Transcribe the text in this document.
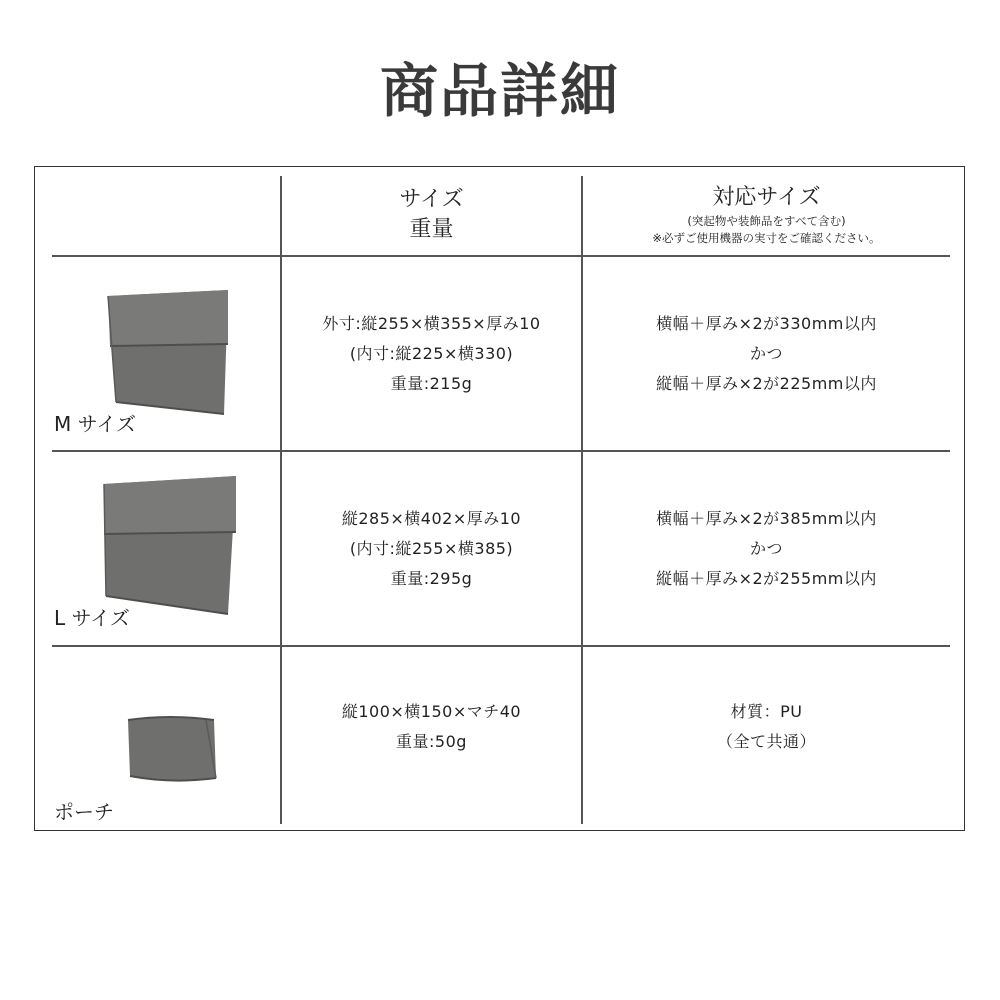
商品詳細
サイズ
重量
対応サイズ
(突起物や装飾品をすべて含む)
※必ずご使用機器の実寸をご確認ください。
M サイズ
外寸:縦255×横355×厚み10
(内寸:縦225×横330)
重量:215g
横幅＋厚み×2が330mm以内
かつ
縦幅＋厚み×2が225mm以内
L サイズ
縦285×横402×厚み10
(内寸:縦255×横385)
重量:295g
横幅＋厚み×2が385mm以内
かつ
縦幅＋厚み×2が255mm以内
ポーチ
縦100×横150×マチ40
重量:50g
材質：PU
（全て共通）
